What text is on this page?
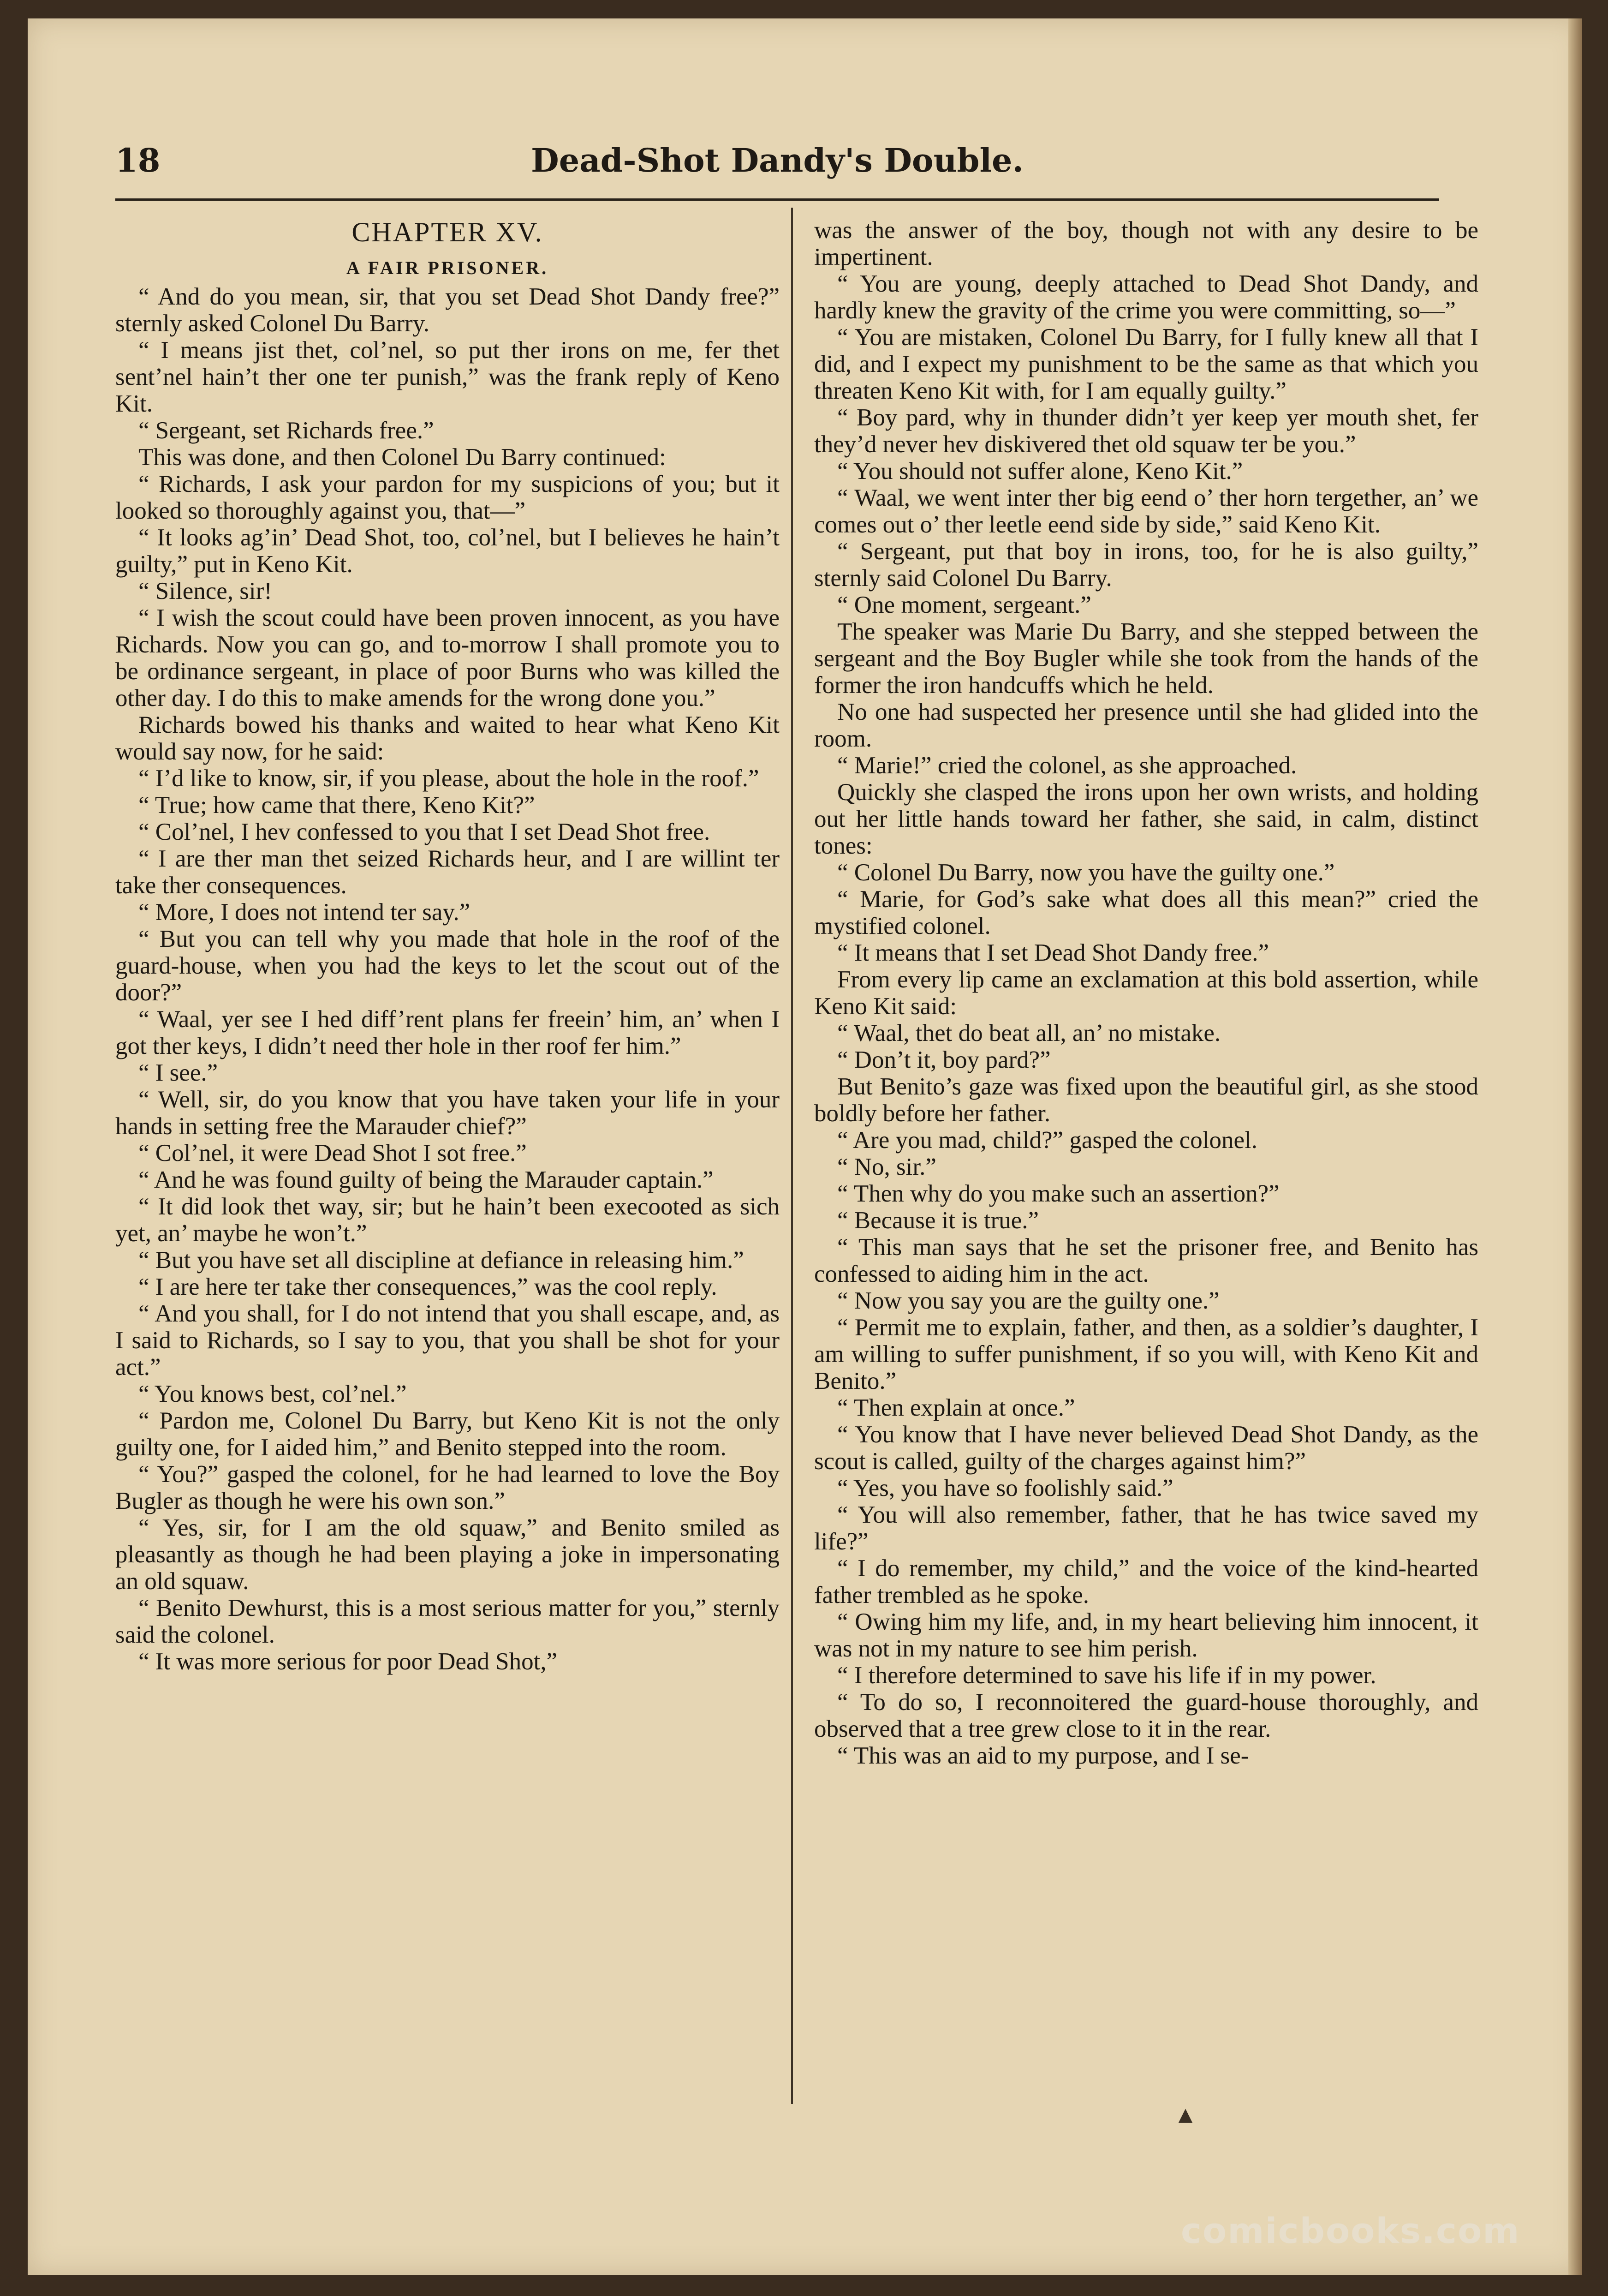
18	Dead-Shot Dandy's Double.
CHAPTER XV.
A FAIR PRISONER.

“ And do you mean, sir, that you set Dead Shot Dandy free?” sternly asked Colonel Du Barry.

“ I means jist thet, col’nel, so put ther irons on me, fer thet sent’nel hain’t ther one ter punish,” was the frank reply of Keno Kit.

“ Sergeant, set Richards free.”

This was done, and then Colonel Du Barry continued:

“ Richards, I ask your pardon for my suspicions of you; but it looked so thoroughly against you, that—”

“ It looks ag’in’ Dead Shot, too, col’nel, but I believes he hain’t guilty,” put in Keno Kit.

“ Silence, sir!

“ I wish the scout could have been proven innocent, as you have Richards. Now you can go, and to-morrow I shall promote you to be ordinance sergeant, in place of poor Burns who was killed the other day. I do this to make amends for the wrong done you.”

Richards bowed his thanks and waited to hear what Keno Kit would say now, for he said:

“ I’d like to know, sir, if you please, about the hole in the roof.”

“ True; how came that there, Keno Kit?”

“ Col’nel, I hev confessed to you that I set Dead Shot free.

“ I are ther man thet seized Richards heur, and I are willint ter take ther consequences.

“ More, I does not intend ter say.”

“ But you can tell why you made that hole in the roof of the guard-house, when you had the keys to let the scout out of the door?”

“ Waal, yer see I hed diff’rent plans fer freein’ him, an’ when I got ther keys, I didn’t need ther hole in ther roof fer him.”

“ I see.”

“ Well, sir, do you know that you have taken your life in your hands in setting free the Marauder chief?”

“ Col’nel, it were Dead Shot I sot free.”

“ And he was found guilty of being the Marauder captain.”

“ It did look thet way, sir; but he hain’t been execooted as sich yet, an’ maybe he won’t.”

“ But you have set all discipline at defiance in releasing him.”

“ I are here ter take ther consequences,” was the cool reply.

“ And you shall, for I do not intend that you shall escape, and, as I said to Richards, so I say to you, that you shall be shot for your act.”

“ You knows best, col’nel.”

“ Pardon me, Colonel Du Barry, but Keno Kit is not the only guilty one, for I aided him,” and Benito stepped into the room.

“ You?” gasped the colonel, for he had learned to love the Boy Bugler as though he were his own son.”

“ Yes, sir, for I am the old squaw,” and Benito smiled as pleasantly as though he had been playing a joke in impersonating an old squaw.

“ Benito Dewhurst, this is a most serious matter for you,” sternly said the colonel.

“ It was more serious for poor Dead Shot,”

was the answer of the boy, though not with any desire to be impertinent.

“ You are young, deeply attached to Dead Shot Dandy, and hardly knew the gravity of the crime you were committing, so—”

“ You are mistaken, Colonel Du Barry, for I fully knew all that I did, and I expect my punishment to be the same as that which you threaten Keno Kit with, for I am equally guilty.”

“ Boy pard, why in thunder didn’t yer keep yer mouth shet, fer they’d never hev diskivered thet old squaw ter be you.”

“ You should not suffer alone, Keno Kit.”

“ Waal, we went inter ther big eend o’ ther horn tergether, an’ we comes out o’ ther leetle eend side by side,” said Keno Kit.

“ Sergeant, put that boy in irons, too, for he is also guilty,” sternly said Colonel Du Barry.

“ One moment, sergeant.”

The speaker was Marie Du Barry, and she stepped between the sergeant and the Boy Bugler while she took from the hands of the former the iron handcuffs which he held.

No one had suspected her presence until she had glided into the room.

“ Marie!” cried the colonel, as she approached.

Quickly she clasped the irons upon her own wrists, and holding out her little hands toward her father, she said, in calm, distinct tones:

“ Colonel Du Barry, now you have the guilty one.”

“ Marie, for God’s sake what does all this mean?” cried the mystified colonel.

“ It means that I set Dead Shot Dandy free.”

From every lip came an exclamation at this bold assertion, while Keno Kit said:

“ Waal, thet do beat all, an’ no mistake.

“ Don’t it, boy pard?”

But Benito’s gaze was fixed upon the beautiful girl, as she stood boldly before her father.

“ Are you mad, child?” gasped the colonel.

“ No, sir.”

“ Then why do you make such an assertion?”

“ Because it is true.”

“ This man says that he set the prisoner free, and Benito has confessed to aiding him in the act.

“ Now you say you are the guilty one.”

“ Permit me to explain, father, and then, as a soldier’s daughter, I am willing to suffer punishment, if so you will, with Keno Kit and Benito.”

“ Then explain at once.”

“ You know that I have never believed Dead Shot Dandy, as the scout is called, guilty of the charges against him?”

“ Yes, you have so foolishly said.”

“ You will also remember, father, that he has twice saved my life?”

“ I do remember, my child,” and the voice of the kind-hearted father trembled as he spoke.

“ Owing him my life, and, in my heart believing him innocent, it was not in my nature to see him perish.

“ I therefore determined to save his life if in my power.

“ To do so, I reconnoitered the guard-house thoroughly, and observed that a tree grew close to it in the rear.

“ This was an aid to my purpose, and I se-

▲
comicbooks.com
